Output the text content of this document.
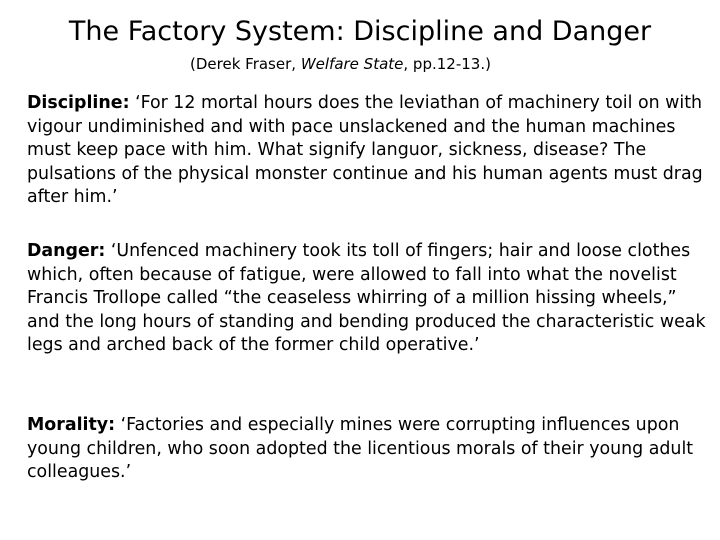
The Factory System: Discipline and Danger
(Derek Fraser, Welfare State, pp.12-13.)
Discipline: ‘For 12 mortal hours does the leviathan of machinery toil on with vigour undiminished and with pace unslackened and the human machines must keep pace with him. What signify languor, sickness, disease? The pulsations of the physical monster continue and his human agents must drag after him.’
Danger: ‘Unfenced machinery took its toll of fingers; hair and loose clothes which, often because of fatigue, were allowed to fall into what the novelist Francis Trollope called “the ceaseless whirring of a million hissing wheels,” and the long hours of standing and bending produced the characteristic weak legs and arched back of the former child operative.’
Morality: ‘Factories and especially mines were corrupting influences upon young children, who soon adopted the licentious morals of their young adult colleagues.’
